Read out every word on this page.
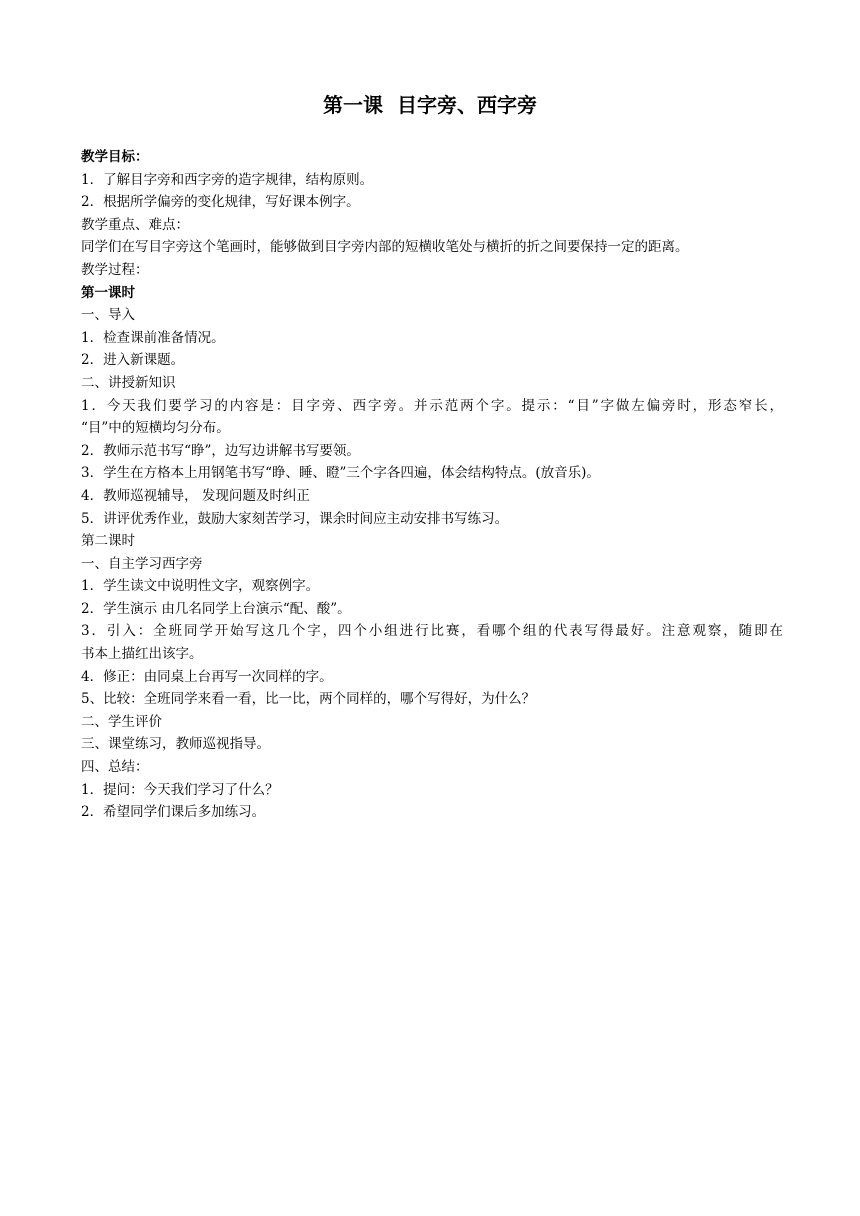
第一课  目字旁、西字旁

教学目标：

1．了解目字旁和西字旁的造字规律，结构原则。

2．根据所学偏旁的变化规律，写好课本例字。

教学重点、难点：

同学们在写目字旁这个笔画时，能够做到目字旁内部的短横收笔处与横折的折之间要保持一定的距离。

教学过程：

第一课时

一、导入

1．检查课前准备情况。

2．进入新课题。

二、讲授新知识

1．今天我们要学习的内容是：目字旁、西字旁。并示范两个字。提示：“目”字做左偏旁时，形态窄长，

“目”中的短横均匀分布。

2．教师示范书写“睁”，边写边讲解书写要领。

3．学生在方格本上用钢笔书写“睁、睡、瞪”三个字各四遍，体会结构特点。(放音乐)。

4．教师巡视辅导， 发现问题及时纠正

5．讲评优秀作业，鼓励大家刻苦学习，课余时间应主动安排书写练习。

第二课时

一、自主学习西字旁

1．学生读文中说明性文字，观察例字。

2．学生演示 由几名同学上台演示“配、酸”。

3．引入：全班同学开始写这几个字，四个小组进行比赛，看哪个组的代表写得最好。注意观察，随即在

书本上描红出该字。

4．修正：由同桌上台再写一次同样的字。

5、比较：全班同学来看一看，比一比，两个同样的，哪个写得好，为什么？

二、学生评价

三、课堂练习，教师巡视指导。

四、总结：

1．提问：今天我们学习了什么？

2．希望同学们课后多加练习。
